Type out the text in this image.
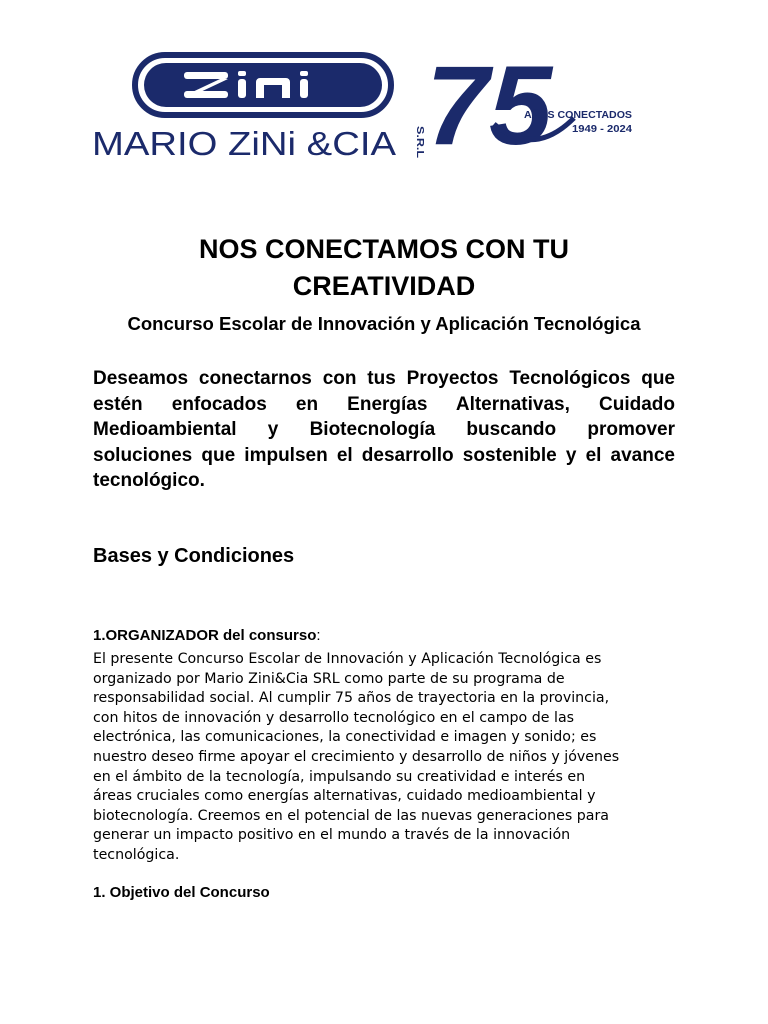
Zini
MARIO ZiNi &CIA S.R.L 75
AÑOS CONECTADOS
1949 - 2024
NOS CONECTAMOS CON TU
CREATIVIDAD
Concurso Escolar de Innovación y Aplicación Tecnológica
Deseamos conectarnos con tus Proyectos Tecnológicos que estén enfocados en Energías Alternativas, Cuidado Medioambiental y Biotecnología buscando promover soluciones que impulsen el desarrollo sostenible y el avance tecnológico.
Bases y Condiciones
1.ORGANIZADOR del consurso:
El presente Concurso Escolar de Innovación y Aplicación Tecnológica es
organizado por Mario Zini&Cia SRL como parte de su programa de
responsabilidad social. Al cumplir 75 años de trayectoria en la provincia,
con hitos de innovación y desarrollo tecnológico en el campo de las
electrónica, las comunicaciones, la conectividad e imagen y sonido; es
nuestro deseo firme apoyar el crecimiento y desarrollo de niños y jóvenes
en el ámbito de la tecnología, impulsando su creatividad e interés en
áreas cruciales como energías alternativas, cuidado medioambiental y
biotecnología. Creemos en el potencial de las nuevas generaciones para
generar un impacto positivo en el mundo a través de la innovación
tecnológica.
1. Objetivo del Concurso
